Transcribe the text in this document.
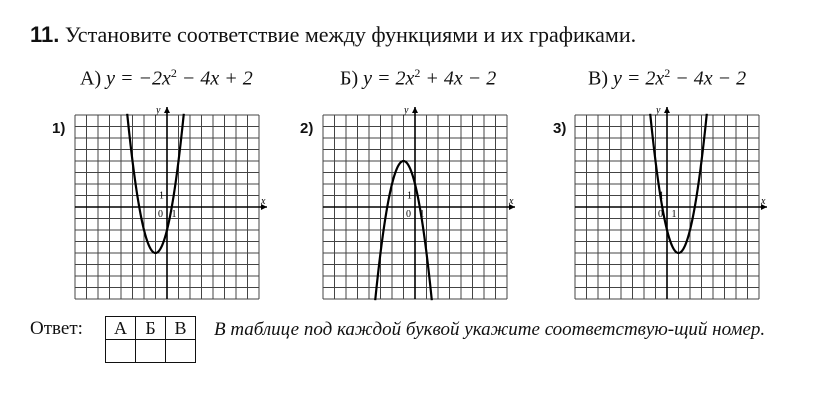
11. Установите соответствие между функциями и их графиками.
А) $y = -2x^2 - 4x + 2$	Б) $y = 2x^2 + 4x - 2$	В) $y = 2x^2 - 4x - 2$
1)	2)	3)
x
y
1
0 1
x
y
1
0 1
x
y
1
0 1
Ответ: А	Б	В
		В таблице под каждой буквой укажите соответствую-щий номер.
